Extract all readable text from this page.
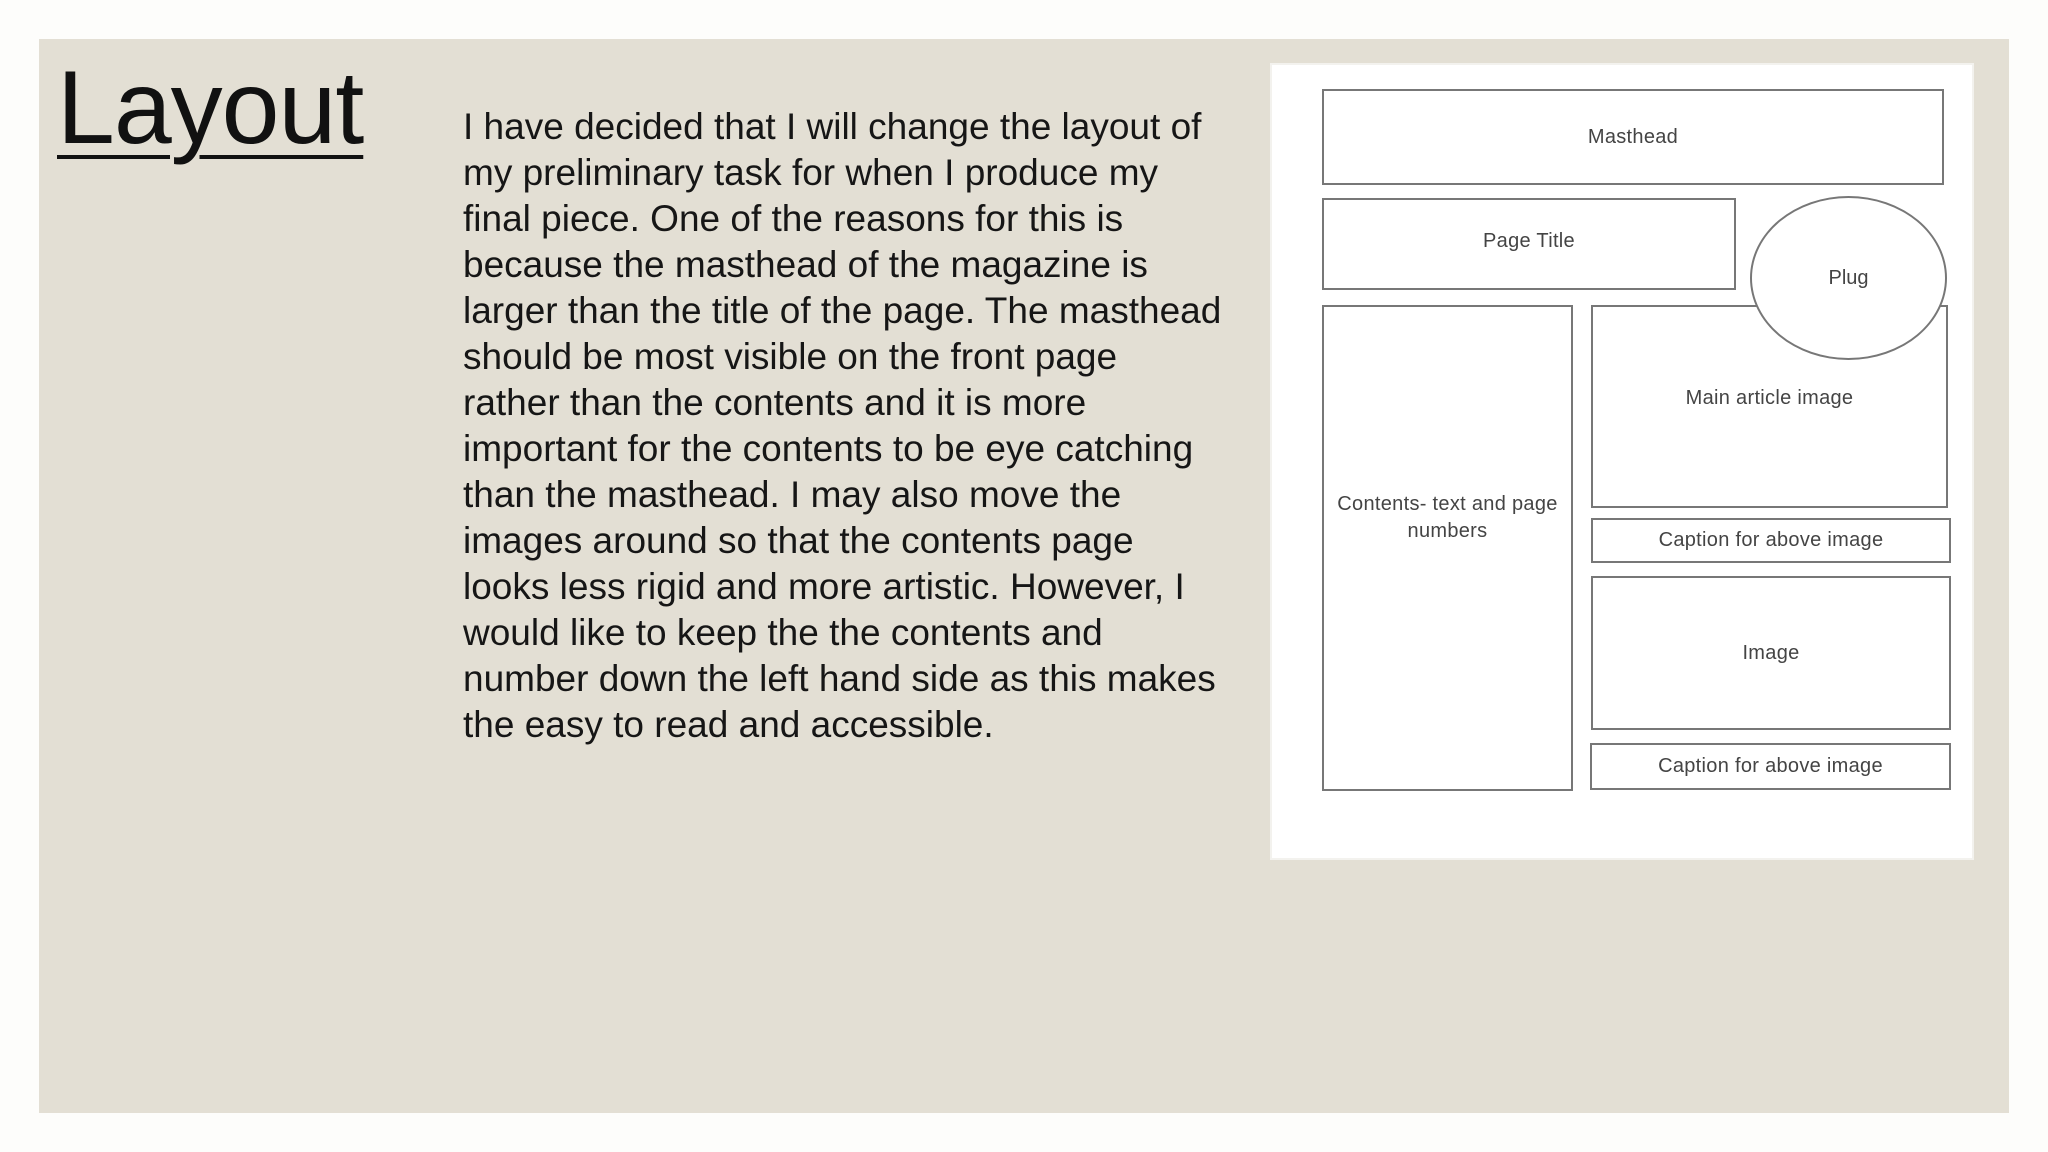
Layout	I have decided that I will change the layout of my preliminary task for when I produce my final piece. One of the reasons for this is because the masthead of the magazine is larger than the title of the page. The masthead should be most visible on the front page rather than the contents and it is more important for the contents to be eye catching than the masthead. I may also move the images around so that the contents page looks less rigid and more artistic. However, I would like to keep the the contents and number down the left hand side as this makes the easy to read and accessible.

Masthead
Page Title
Contents- text and page numbers
Main article image
Plug
Caption for above image
Image
Caption for above image
